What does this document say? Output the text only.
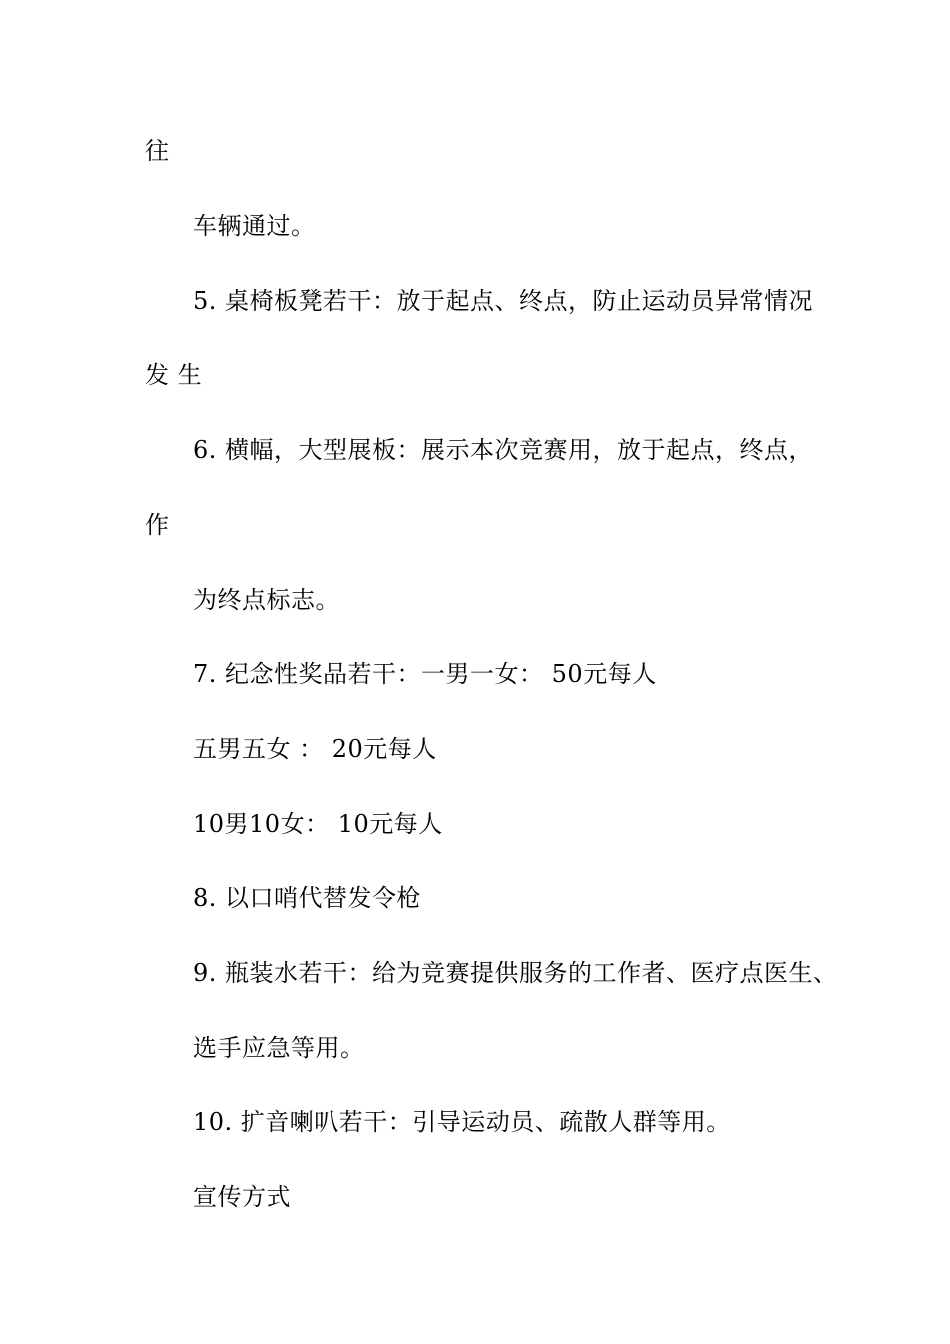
往
车辆通过。
5. 桌椅板凳若干：放于起点、终点，防止运动员异常情况
发 生
6. 横幅，大型展板：展示本次竞赛用，放于起点，终点，
作
为终点标志。
7. 纪念性奖品若干：一男一女： 50元每人
五男五女 ： 20元每人
10男10女： 10元每人
8. 以口哨代替发令枪
9. 瓶装水若干：给为竞赛提供服务的工作者、医疗点医生、
选手应急等用。
10. 扩音喇叭若干：引导运动员、疏散人群等用。
宣传方式
